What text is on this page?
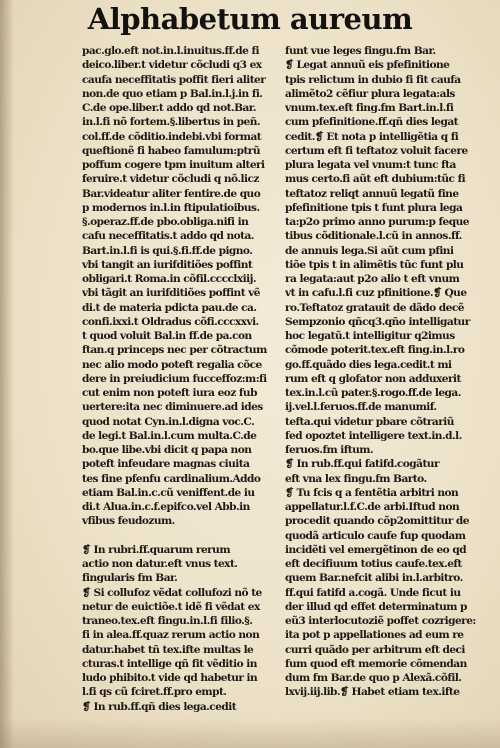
Alphabetum aureum
pac.glo.eft not.in.l.inuitus.ff.de fi
deico.liber.t videtur cõcludi q3 ex
caufa neceffitatis poffit fieri aliter
non.de quo etiam p Bal.in.l.j.in fi.
C.de ope.liber.t addo qd not.Bar.
in.l.fi nõ fortem.§.libertus in peñ.
col.ff.de cõditio.indebi.vbi format
queftionẽ fi habeo famulum:ptrũ
poffum cogere tpm inuitum alteri
feruire.t videtur cõcludi q nõ.licz
Bar.videatur aliter fentire.de quo
p modernos in.l.in ftipulatioibus.
§.operaz.ff.de pbo.obliga.nifi in
cafu neceffitatis.t addo qd nota.
Bart.in.l.fi is qui.§.fi.ff.de pigno.
vbi tangit an iurifditiões poffint
obligari.t Roma.in cõfil.cccclxiij.
vbi tãgit an iurifditiões poffint vẽ
di.t de materia pdicta pau.de ca.
confi.ixxi.t Oldradus cõfi.cccxxvi.
t quod voluit Bal.in ff.de pa.con
ftan.q princeps nec per cõtractum
nec alio modo poteft regalia cõce
dere in preiudicium fucceffoz:m:fi
cut enim non poteft iura eoz fub
uertere:ita nec diminuere.ad ides
quod notat Cyn.in.l.digna voc.C.
de legi.t Bal.in.l.cum multa.C.de
bo.que libe.vbi dicit q papa non
poteft infeudare magnas ciuita
tes fine pfenfu cardinalium.Addo
etiam Bal.in.c.cũ veniffent.de iu
di.t Alua.in.c.f.epifco.vel Abb.in
vfibus feudozum.
❡ In rubri.ff.quarum rerum
actio non datur.eft vnus text.
fingularis fm Bar.
❡ Si collufoz vẽdat collufozi nõ te
netur de euictiõe.t idẽ fi vẽdat ex
traneo.tex.eft fingu.in.l.fi filio.§.
fi in alea.ff.quaz rerum actio non
datur.habet tñ tex.ifte multas le
cturas.t intellige qñ fit vẽditio in
ludo phibito.t vide qd habetur in
l.fi qs cũ fciret.ff.pro empt.
❡ In rub.ff.qñ dies lega.cedit
funt vue leges fingu.fm Bar.
❡ Legat annuũ eis pfefinitione
tpis relictum in dubio fi fit caufa
alimẽto2 cẽfiur plura legata:als
vnum.tex.eft fing.fm Bart.in.l.fi
cum pfefinitione.ff.qñ dies legat
cedit.❡ Et nota p intelligẽtia q fi
certum eft fi teftatoz voluit facere
plura legata vel vnum:t tunc fta
mus certo.fi aũt eft dubium:tũc fi
teftatoz reliqt annuũ legatũ fine
pfefinitione tpis t funt plura lega
ta:p2o primo anno purum:p feque
tibus cõditionale.l.cũ in annos.ff.
de annuis lega.Si aũt cum pfini
tiõe tpis t in alimẽtis tũc funt plu
ra legata:aut p2o alio t eft vnum
vt in cafu.l.fi cuz pfinitione.❡ Que
ro.Teftatoz gratauit de dãdo decẽ
Sempzonio qñcq3.qño intelligatur
hoc legatũ.t intelligitur q2imus
cõmode poterit.tex.eft fing.in.l.ro
go.ff.quãdo dies lega.cedit.t mi
rum eft q glofator non adduxerit
tex.in.l.cũ pater.§.rogo.ff.de lega.
ij.vel.l.feruos.ff.de manumif.
tefta.qui videtur pbare cõtrariũ
fed opoztet intelligere text.in.d.l.
feruos.fm iftum.
❡ In rub.ff.qui fatifd.cogãtur
eft vna lex fingu.fm Barto.
❡ Tu fcis q a fentẽtia arbitri non
appellatur.l.f.C.de arbi.Iftud non
procedit quando cõp2omittitur de
quodã articulo caufe fup quodam
incidẽti vel emergẽtinon de eo qd
eft decifiuum totius caufe.tex.eft
quem Bar.nefcit alibi in.l.arbitro.
ff.qui fatifd a.cogã. Unde ficut iu
der illud qd effet determinatum p
eũ3 interlocutoziẽ poffet cozrigere:
ita pot p appellationes ad eum re
curri quãdo per arbitrum eft deci
fum quod eft memorie cõmendan
dum fm Bar.de quo p Alexã.cõfil.
lxvij.iij.lib.❡ Habet etiam tex.ifte
